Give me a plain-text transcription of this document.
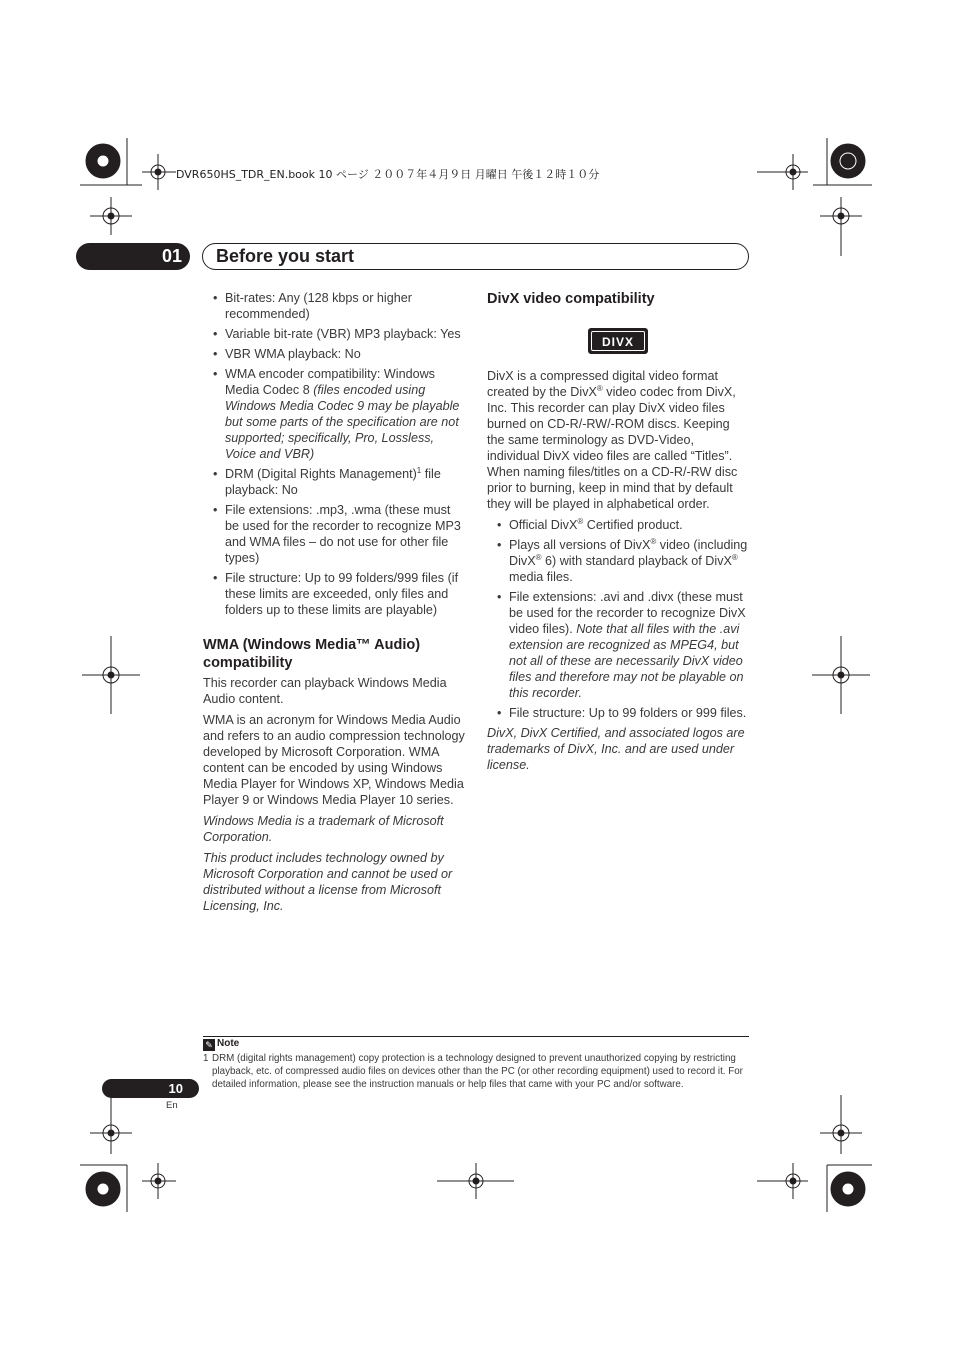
DVR650HS_TDR_EN.book 10 ページ ２００７年４月９日 月曜日 午後１２時１０分
01	Before you start
• Bit-rates: Any (128 kbps or higher recommended)
• Variable bit-rate (VBR) MP3 playback: Yes
• VBR WMA playback: No
• WMA encoder compatibility: Windows Media Codec 8 (files encoded using Windows Media Codec 9 may be playable but some parts of the specification are not supported; specifically, Pro, Lossless, Voice and VBR)
• DRM (Digital Rights Management)$^1$ file playback: No
• File extensions: .mp3, .wma (these must be used for the recorder to recognize MP3 and WMA files – do not use for other file types)
• File structure: Up to 99 folders/999 files (if these limits are exceeded, only files and folders up to these limits are playable)
WMA (Windows Media™ Audio) compatibility

This recorder can playback Windows Media Audio content.

WMA is an acronym for Windows Media Audio and refers to an audio compression technology developed by Microsoft Corporation. WMA content can be encoded by using Windows Media Player for Windows XP, Windows Media Player 9 or Windows Media Player 10 series.

Windows Media is a trademark of Microsoft Corporation.

This product includes technology owned by Microsoft Corporation and cannot be used or distributed without a license from Microsoft Licensing, Inc.

DivX video compatibility
DIVX

DivX is a compressed digital video format created by the DivX® video codec from DivX, Inc. This recorder can play DivX video files burned on CD-R/-RW/-ROM discs. Keeping the same terminology as DVD-Video, individual DivX video files are called “Titles”. When naming files/titles on a CD-R/-RW disc prior to burning, keep in mind that by default they will be played in alphabetical order.

• Official DivX® Certified product.
• Plays all versions of DivX® video (including DivX® 6) with standard playback of DivX® media files.
• File extensions: .avi and .divx (these must be used for the recorder to recognize DivX video files). Note that all files with the .avi extension are recognized as MPEG4, but not all of these are necessarily DivX video files and therefore may not be playable on this recorder.
• File structure: Up to 99 folders or 999 files.

DivX, DivX Certified, and associated logos are trademarks of DivX, Inc. and are used under license.

✎ Note
1 DRM (digital rights management) copy protection is a technology designed to prevent unauthorized copying by restricting playback, etc. of compressed audio files on devices other than the PC (or other recording equipment) used to record it. For detailed information, please see the instruction manuals or help files that came with your PC and/or software.
10
En
